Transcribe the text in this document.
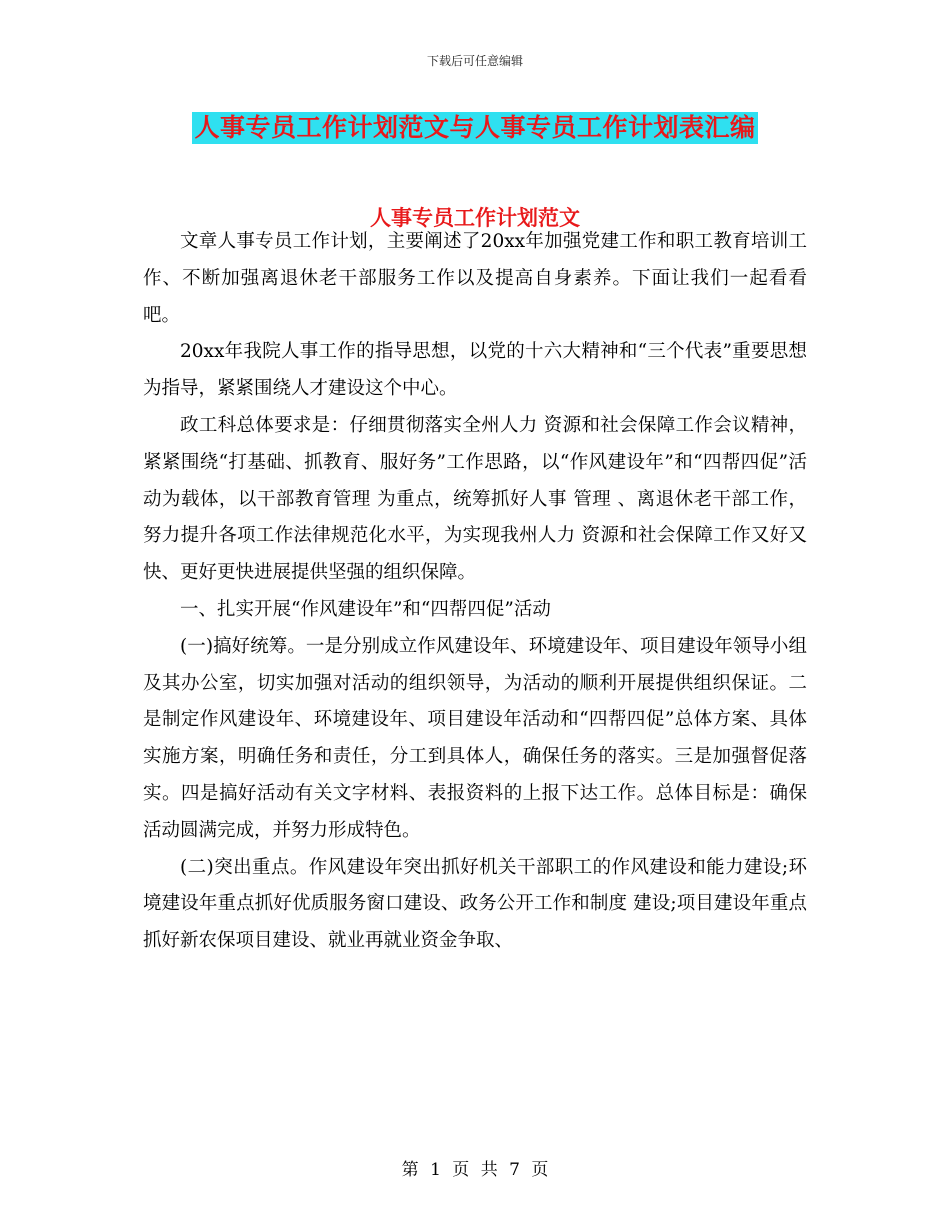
下载后可任意编辑
人事专员工作计划范文与人事专员工作计划表汇编
人事专员工作计划范文

文章人事专员工作计划，主要阐述了20xx年加强党建工作和职工教育培训工作、不断加强离退休老干部服务工作以及提高自身素养。下面让我们一起看看吧。

20xx年我院人事工作的指导思想，以党的十六大精神和“三个代表”重要思想为指导，紧紧围绕人才建设这个中心。

政工科总体要求是：仔细贯彻落实全州人力 资源和社会保障工作会议精神，紧紧围绕“打基础、抓教育、服好务”工作思路，以“作风建设年”和“四帮四促”活动为载体，以干部教育管理 为重点，统筹抓好人事 管理 、离退休老干部工作，努力提升各项工作法律规范化水平，为实现我州人力 资源和社会保障工作又好又快、更好更快进展提供坚强的组织保障。

一、扎实开展“作风建设年”和“四帮四促”活动

(一)搞好统筹。一是分别成立作风建设年、环境建设年、项目建设年领导小组及其办公室，切实加强对活动的组织领导，为活动的顺利开展提供组织保证。二是制定作风建设年、环境建设年、项目建设年活动和“四帮四促”总体方案、具体实施方案，明确任务和责任，分工到具体人，确保任务的落实。三是加强督促落实。四是搞好活动有关文字材料、表报资料的上报下达工作。总体目标是：确保活动圆满完成，并努力形成特色。

(二)突出重点。作风建设年突出抓好机关干部职工的作风建设和能力建设;环境建设年重点抓好优质服务窗口建设、政务公开工作和制度 建设;项目建设年重点抓好新农保项目建设、就业再就业资金争取、

第 1 页 共 7 页
